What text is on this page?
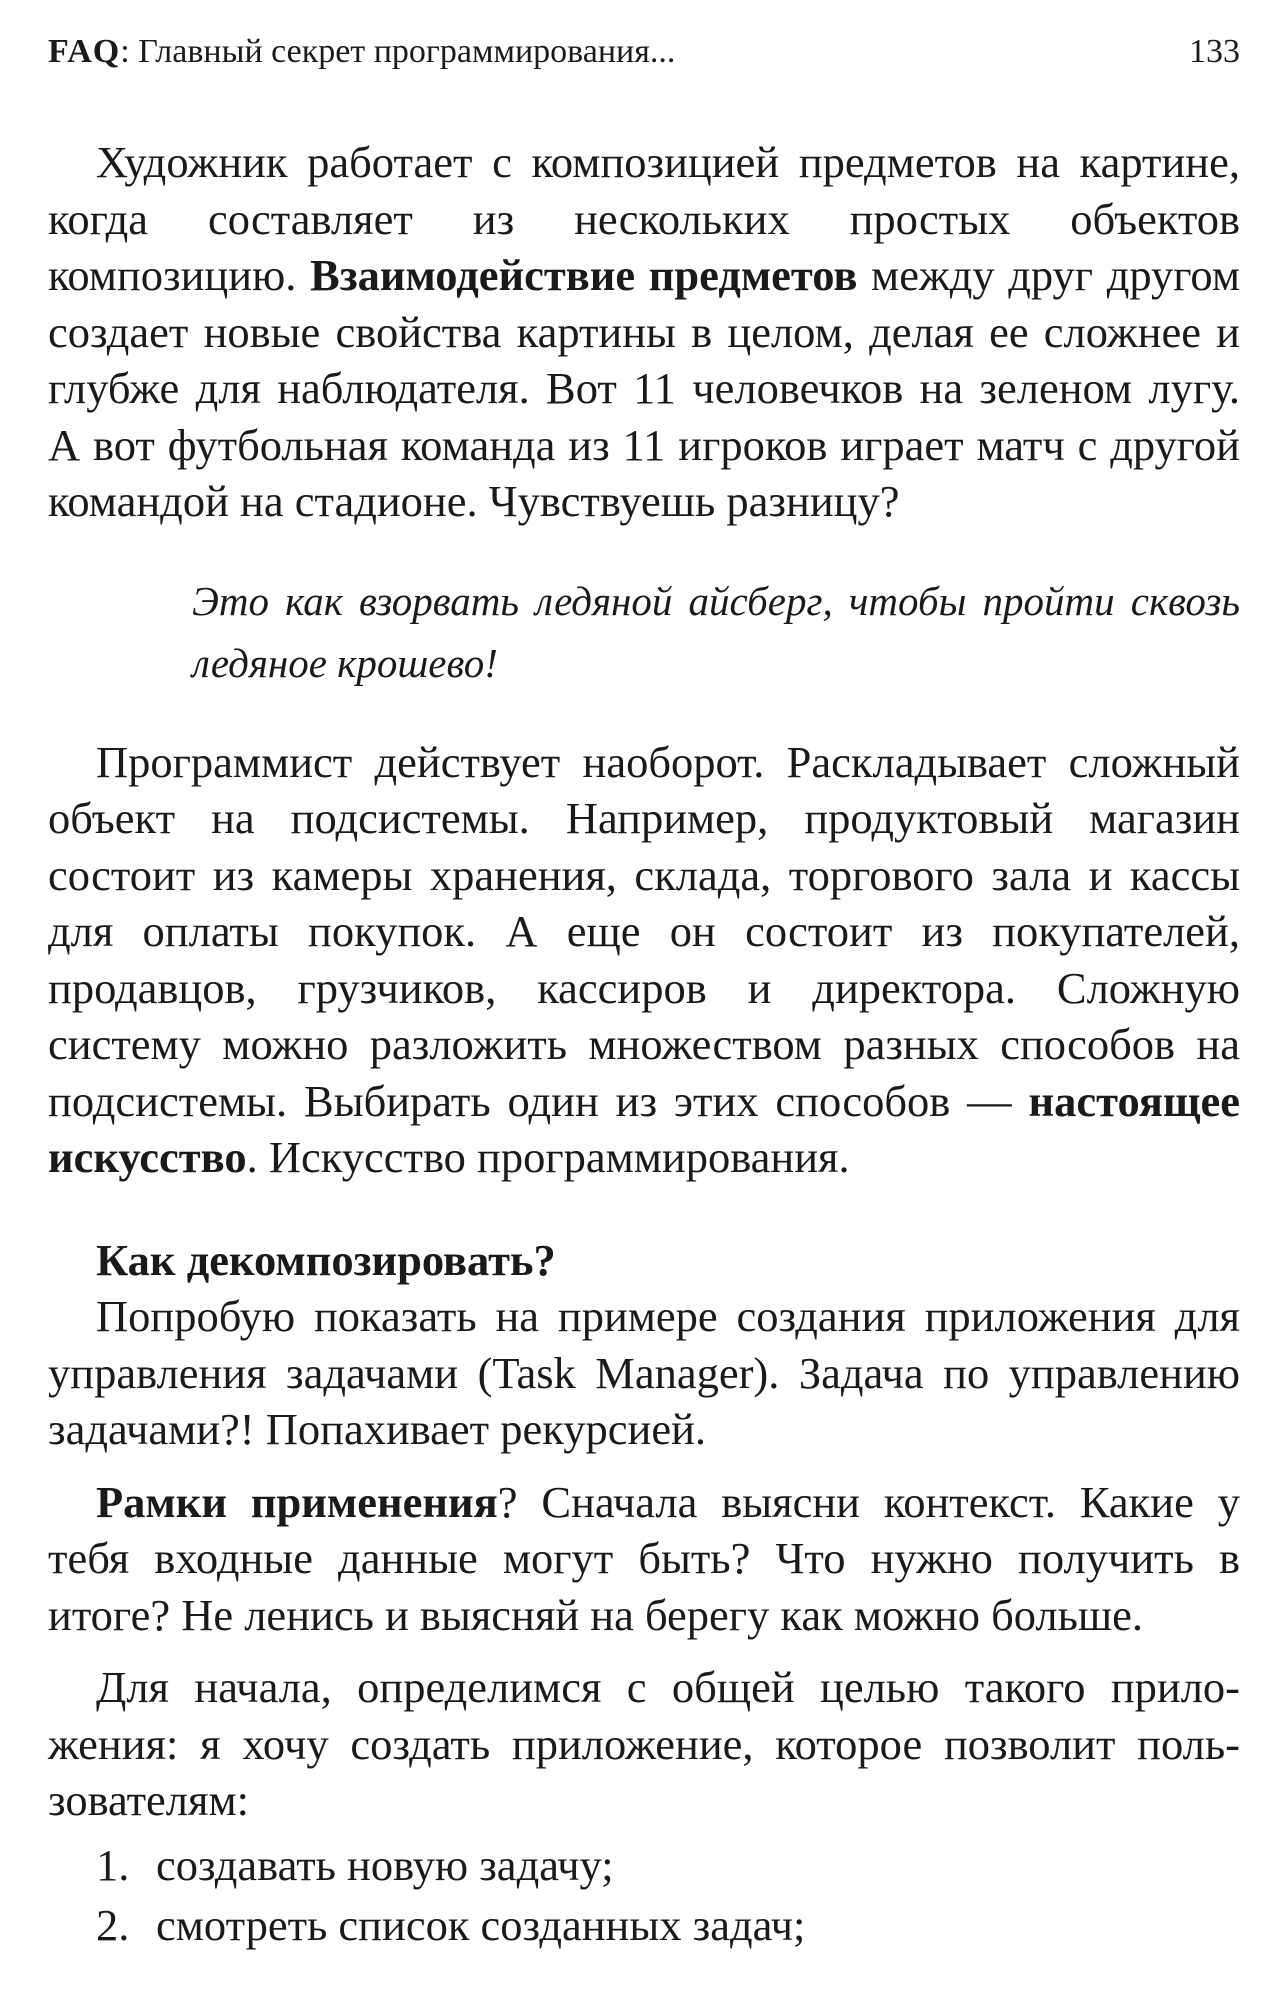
FAQ: Главный секрет программирования...	133

Художник работает с композицией предметов на картине, когда составляет из нескольких простых объектов композицию. Взаимодействие предметов между друг другом создает новые свойства картины в целом, делая ее сложнее и глубже для наблюдателя. Вот 11 человечков на зеленом лугу. А вот футбольная команда из 11 игроков играет матч с другой командой на стадионе. Чувствуешь разницу?

Это как взорвать ледяной айсберг, чтобы пройти сквозь ледяное крошево!

Программист действует наоборот. Раскладывает сложный объект на подсистемы. Например, продуктовый магазин состоит из камеры хранения, склада, торгового зала и кассы для оплаты покупок. А еще он состоит из покупателей, продавцов, грузчиков, кассиров и директора. Сложную систему можно разложить множеством разных способов на подсистемы. Выбирать один из этих способов — настоящее искусство. Искусство программирования.

Как декомпозировать?

Попробую показать на примере создания приложения для управления задачами (Task Manager). Задача по управлению задачами?! Попахивает рекурсией.

Рамки применения? Сначала выясни контекст. Какие у тебя входные данные могут быть? Что нужно получить в итоге? Не ленись и выясняй на берегу как можно больше.

Для начала, определимся с общей целью такого приложения: я хочу создать приложение, которое позволит пользователям:

1. создавать новую задачу;
2. смотреть список созданных задач;
